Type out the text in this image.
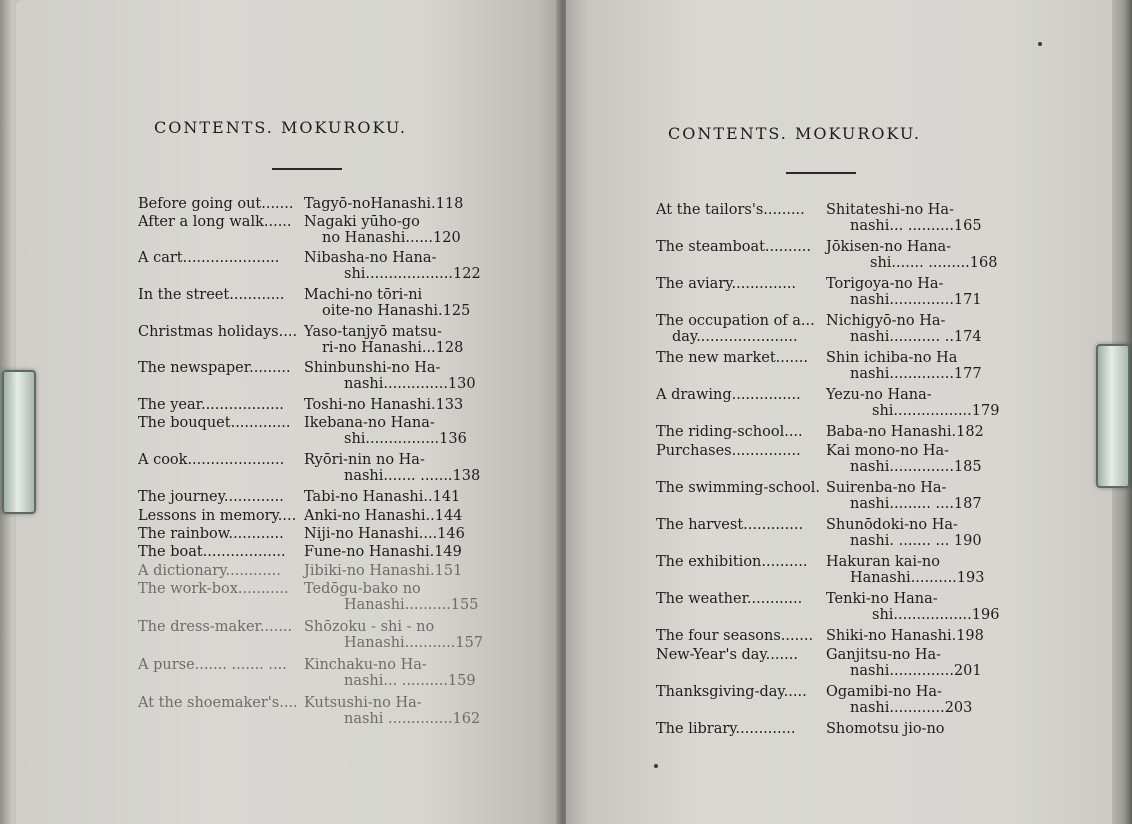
CONTENTS. MOKUROKU.
Before going out....... Tagyō-noHanashi.118
After a long walk...... Nagaki yūho-go
no Hanashi......120
A cart.....................	Nibasha-no Hana-
shi...................122
In the street............	Machi-no tōri-ni
oite-no Hanashi.125
Christmas holidays.... Yaso-tanjyō matsu-
ri-no Hanashi...128
The newspaper......... Shinbunshi-no Ha-
nashi..............130
The year..................	Toshi-no Hanashi.133
The bouquet............. Ikebana-no Hana-
shi................136
A cook.....................	Ryōri-nin no Ha-
nashi....... .......138
The journey.............	Tabi-no Hanashi..141
Lessons in memory.... Anki-no Hanashi..144
The rainbow............	Niji-no Hanashi....146
The boat..................	Fune-no Hanashi.149
A dictionary............	Jibiki-no Hanashi.151
The work-box...........	Tedōgu-bako no
Hanashi..........155
The dress-maker....... Shōzoku - shi - no
Hanashi...........157
A purse....... ....... ....	Kinchaku-no Ha-
nashi... ..........159
At the shoemaker's.... Kutsushi-no Ha-
nashi ..............162
CONTENTS. MOKUROKU.
At the tailors's.........	Shitateshi-no Ha-
nashi... ..........165
The steamboat..........	Jōkisen-no Hana-
shi....... .........168
The aviary..............	Torigoya-no Ha-
nashi..............171
The occupation of a... Nichigyō-no Ha-
day......................	nashi........... ..174
The new market.......	Shin ichiba-no Ha
nashi..............177
A drawing...............	Yezu-no Hana-
shi.................179
The riding-school....	Baba-no Hanashi.182
Purchases...............	Kai mono-no Ha-
nashi..............185
The swimming-school. Suirenba-no Ha-
nashi......... ....187
The harvest.............	Shunōdoki-no Ha-
nashi. ....... ... 190
The exhibition..........	Hakuran kai-no
Hanashi..........193
The weather............	Tenki-no Hana-
shi.................196
The four seasons....... Shiki-no Hanashi.198
New-Year's day.......	Ganjitsu-no Ha-
nashi..............201
Thanksgiving-day.....	Ogamibi-no Ha-
nashi............203
The library.............	Shomotsu jio-no
